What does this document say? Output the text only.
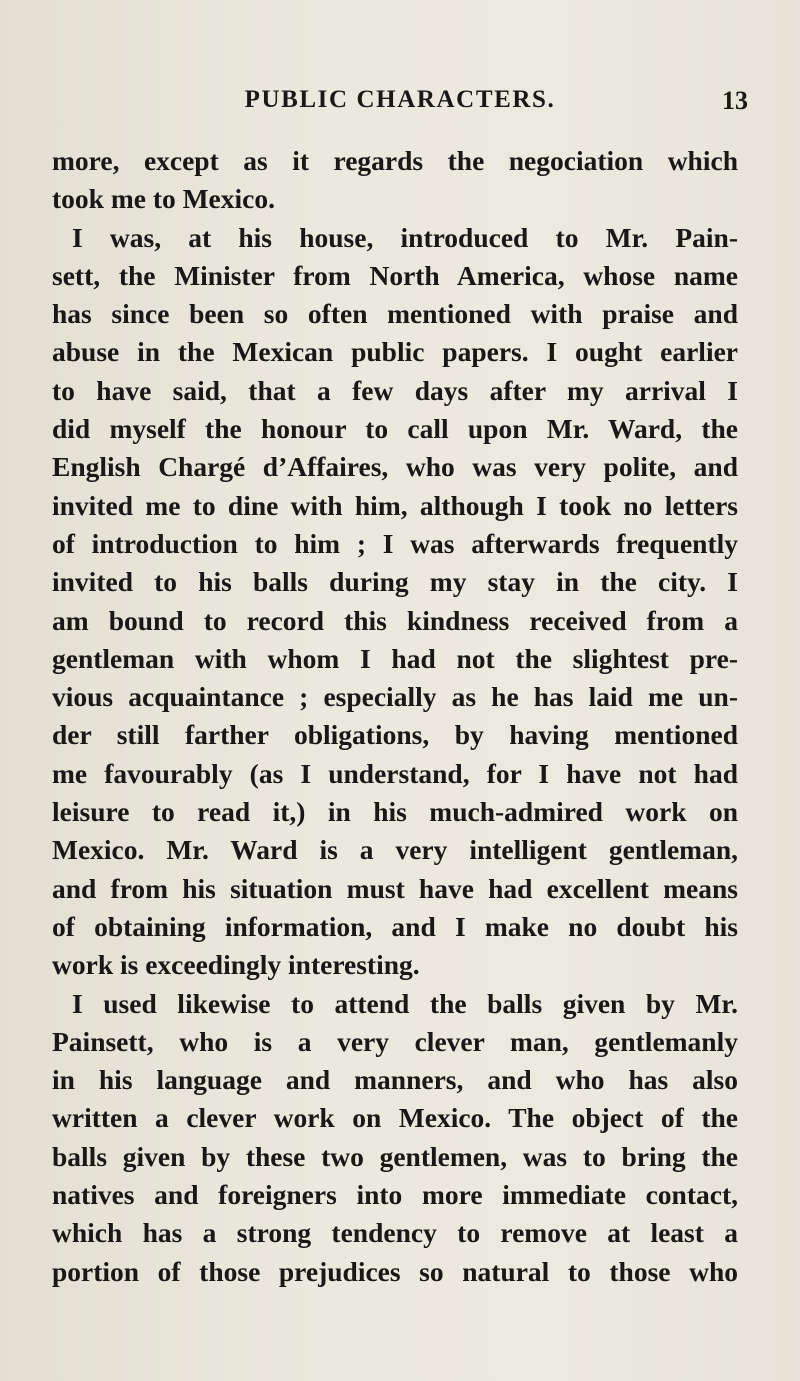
PUBLIC CHARACTERS.	13
more, except as it regards the negociation which
took me to Mexico.
I was, at his house, introduced to Mr. Pain-
sett, the Minister from North America, whose name
has since been so often mentioned with praise and
abuse in the Mexican public papers. I ought earlier
to have said, that a few days after my arrival I
did myself the honour to call upon Mr. Ward, the
English Chargé d’Affaires, who was very polite, and
invited me to dine with him, although I took no letters
of introduction to him ; I was afterwards frequently
invited to his balls during my stay in the city. I
am bound to record this kindness received from a
gentleman with whom I had not the slightest pre-
vious acquaintance ; especially as he has laid me un-
der still farther obligations, by having mentioned
me favourably (as I understand, for I have not had
leisure to read it,) in his much-admired work on
Mexico. Mr. Ward is a very intelligent gentleman,
and from his situation must have had excellent means
of obtaining information, and I make no doubt his
work is exceedingly interesting.
I used likewise to attend the balls given by Mr.
Painsett, who is a very clever man, gentlemanly
in his language and manners, and who has also
written a clever work on Mexico. The object of the
balls given by these two gentlemen, was to bring the
natives and foreigners into more immediate contact,
which has a strong tendency to remove at least a
portion of those prejudices so natural to those who
